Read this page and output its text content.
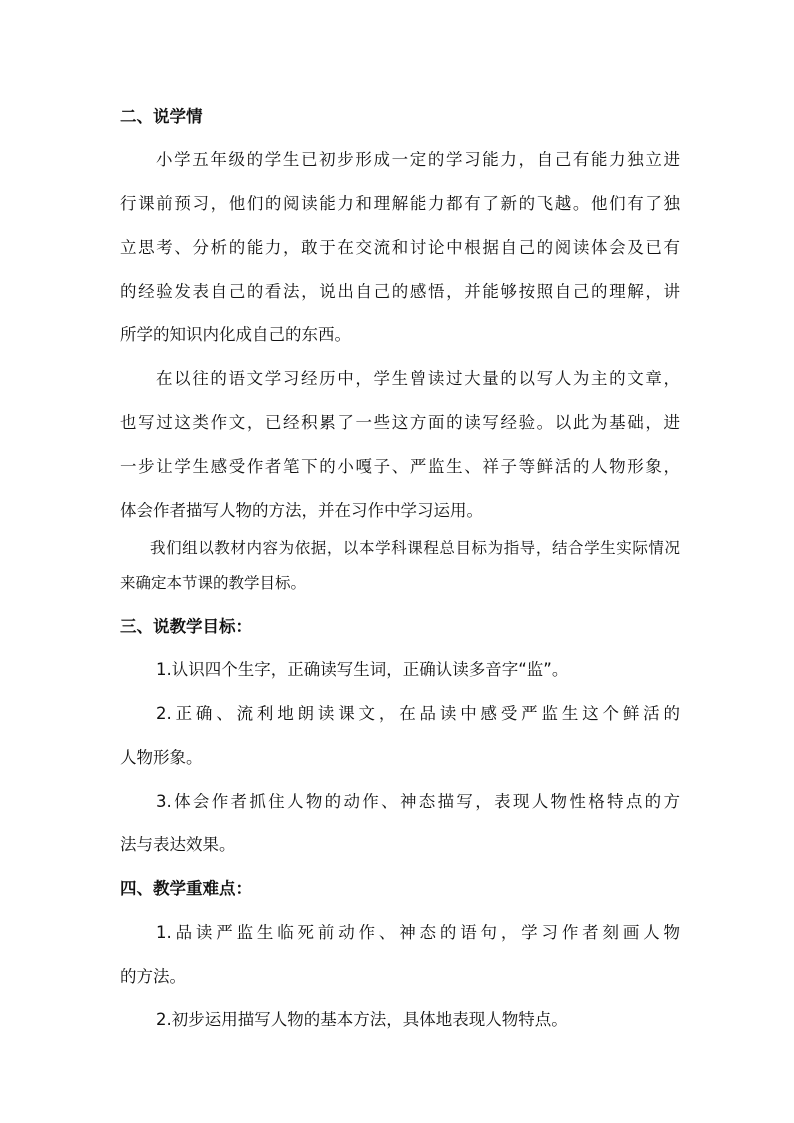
二、说学情
小学五年级的学生已初步形成一定的学习能力，自己有能力独立进
行课前预习，他们的阅读能力和理解能力都有了新的飞越。他们有了独
立思考、分析的能力，敢于在交流和讨论中根据自己的阅读体会及已有
的经验发表自己的看法，说出自己的感悟，并能够按照自己的理解，讲
所学的知识内化成自己的东西。
在以往的语文学习经历中，学生曾读过大量的以写人为主的文章，
也写过这类作文，已经积累了一些这方面的读写经验。以此为基础，进
一步让学生感受作者笔下的小嘎子、严监生、祥子等鲜活的人物形象，
体会作者描写人物的方法，并在习作中学习运用。
我们组以教材内容为依据，以本学科课程总目标为指导，结合学生实际情况
来确定本节课的教学目标。
三、说教学目标：
1.认识四个生字，正确读写生词，正确认读多音字“监”。
2.正确、流利地朗读课文，在品读中感受严监生这个鲜活的
人物形象。
3.体会作者抓住人物的动作、神态描写，表现人物性格特点的方
法与表达效果。
四、教学重难点：
1.品读严监生临死前动作、神态的语句，学习作者刻画人物
的方法。
2.初步运用描写人物的基本方法，具体地表现人物特点。
